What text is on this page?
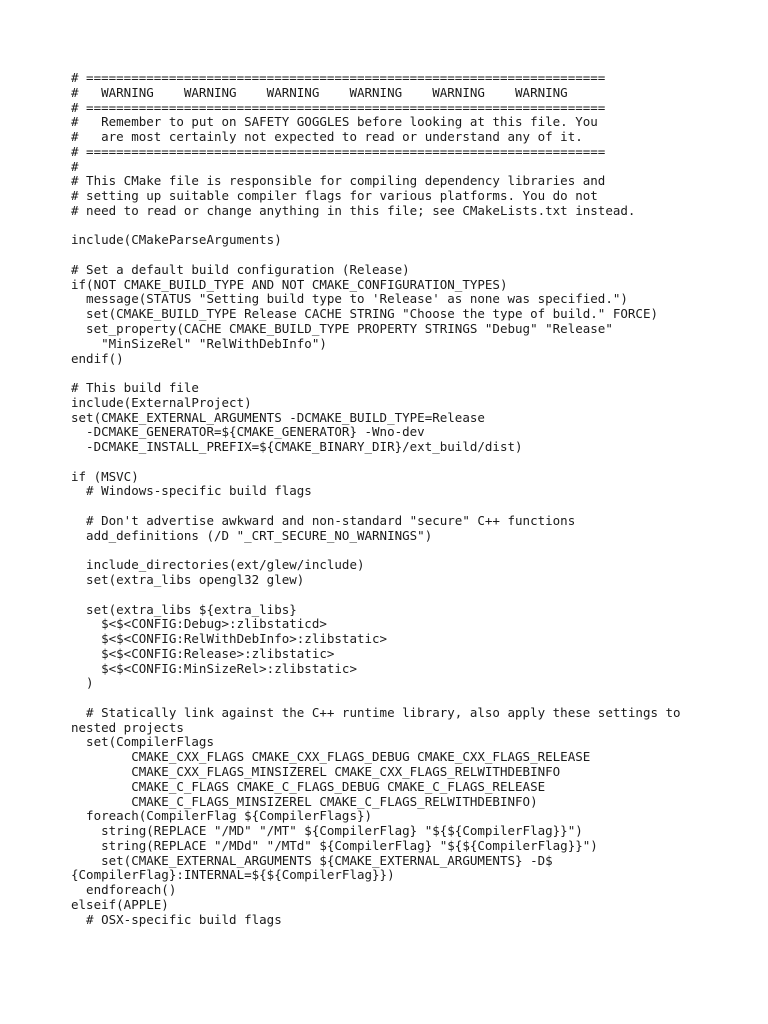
# =====================================================================
#   WARNING    WARNING    WARNING    WARNING    WARNING    WARNING
# =====================================================================
#   Remember to put on SAFETY GOGGLES before looking at this file. You
#   are most certainly not expected to read or understand any of it.
# =====================================================================
#
# This CMake file is responsible for compiling dependency libraries and
# setting up suitable compiler flags for various platforms. You do not
# need to read or change anything in this file; see CMakeLists.txt instead.
include(CMakeParseArguments)
# Set a default build configuration (Release)
if(NOT CMAKE_BUILD_TYPE AND NOT CMAKE_CONFIGURATION_TYPES)
message(STATUS "Setting build type to 'Release' as none was specified.")
set(CMAKE_BUILD_TYPE Release CACHE STRING "Choose the type of build." FORCE)
set_property(CACHE CMAKE_BUILD_TYPE PROPERTY STRINGS "Debug" "Release"
"MinSizeRel" "RelWithDebInfo")
endif()
# This build file
include(ExternalProject)
set(CMAKE_EXTERNAL_ARGUMENTS -DCMAKE_BUILD_TYPE=Release
-DCMAKE_GENERATOR=${CMAKE_GENERATOR} -Wno-dev
-DCMAKE_INSTALL_PREFIX=${CMAKE_BINARY_DIR}/ext_build/dist)
if (MSVC)
# Windows-specific build flags
# Don't advertise awkward and non-standard "secure" C++ functions
add_definitions (/D "_CRT_SECURE_NO_WARNINGS")
include_directories(ext/glew/include)
set(extra_libs opengl32 glew)
set(extra_libs ${extra_libs}
$<$<CONFIG:Debug>:zlibstaticd>
$<$<CONFIG:RelWithDebInfo>:zlibstatic>
$<$<CONFIG:Release>:zlibstatic>
$<$<CONFIG:MinSizeRel>:zlibstatic>
)
# Statically link against the C++ runtime library, also apply these settings to
nested projects
set(CompilerFlags
CMAKE_CXX_FLAGS CMAKE_CXX_FLAGS_DEBUG CMAKE_CXX_FLAGS_RELEASE
CMAKE_CXX_FLAGS_MINSIZEREL CMAKE_CXX_FLAGS_RELWITHDEBINFO
CMAKE_C_FLAGS CMAKE_C_FLAGS_DEBUG CMAKE_C_FLAGS_RELEASE
CMAKE_C_FLAGS_MINSIZEREL CMAKE_C_FLAGS_RELWITHDEBINFO)
foreach(CompilerFlag ${CompilerFlags})
string(REPLACE "/MD" "/MT" ${CompilerFlag} "${${CompilerFlag}}")
string(REPLACE "/MDd" "/MTd" ${CompilerFlag} "${${CompilerFlag}}")
set(CMAKE_EXTERNAL_ARGUMENTS ${CMAKE_EXTERNAL_ARGUMENTS} -D$
{CompilerFlag}:INTERNAL=${${CompilerFlag}})
endforeach()
elseif(APPLE)
# OSX-specific build flags
